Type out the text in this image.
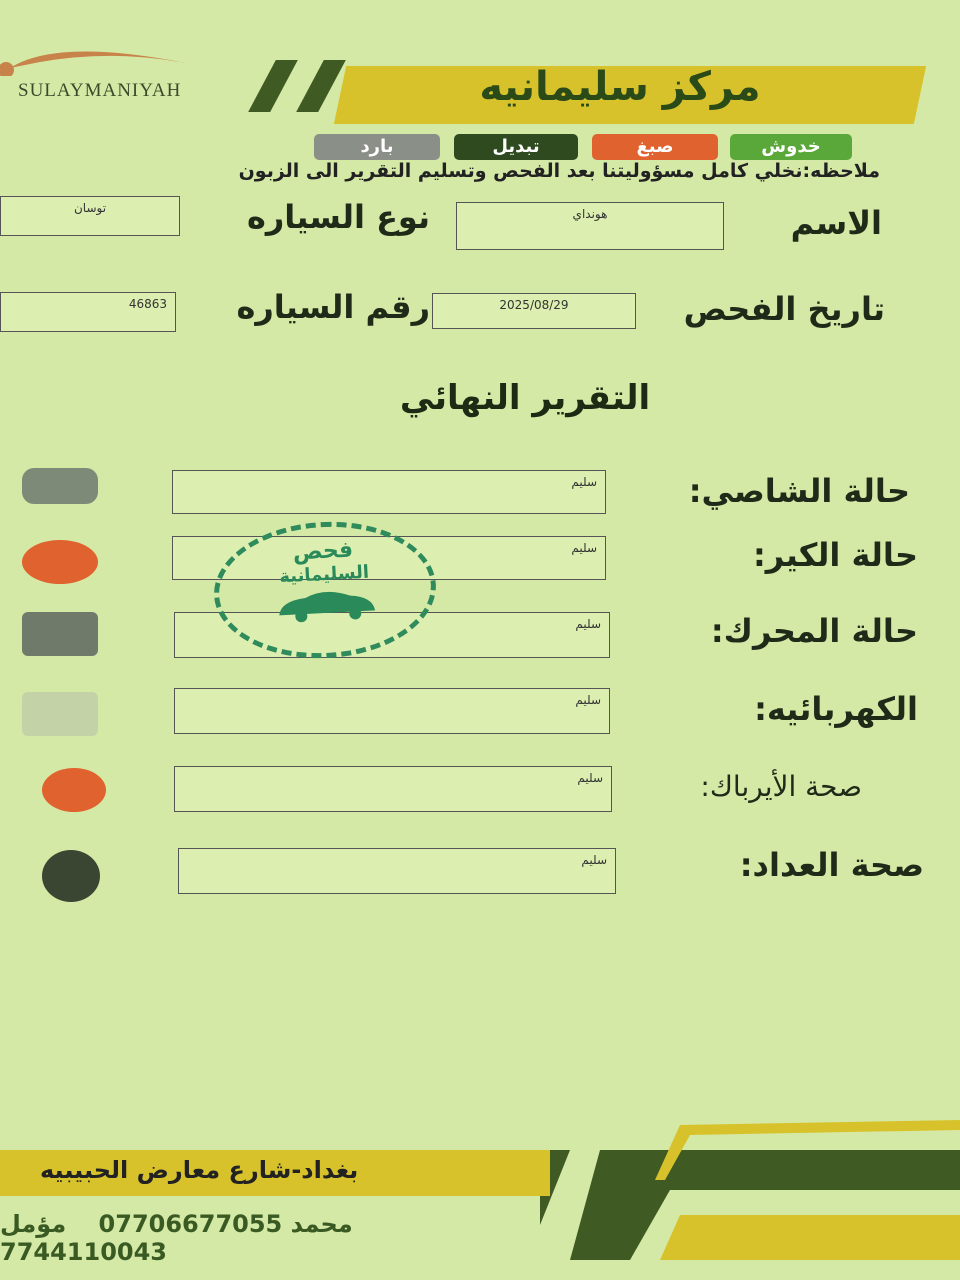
SULAYMANIYAH	مركز سليمانيه
خدوش
صبغ
تبديل
بارد
ملاحظه:نخلي كامل مسؤوليتنا بعد الفحص وتسليم التقرير الى الزبون
الاسم
هونداي
نوع السياره
توسان
تاريخ الفحص
2025/08/29
رقم السياره
46863
التقرير النهائي
حالة الشاصي:
سليم
حالة الكير:
سليم
حالة المحرك:
سليم
الكهربائيه:
سليم
صحة الأيرباك:
سليم
صحة العداد:
سليم
فحص
السليمانية
بغداد-شارع معارض الحبيبيه
محمد 07706677055 مؤمل 7744110043
